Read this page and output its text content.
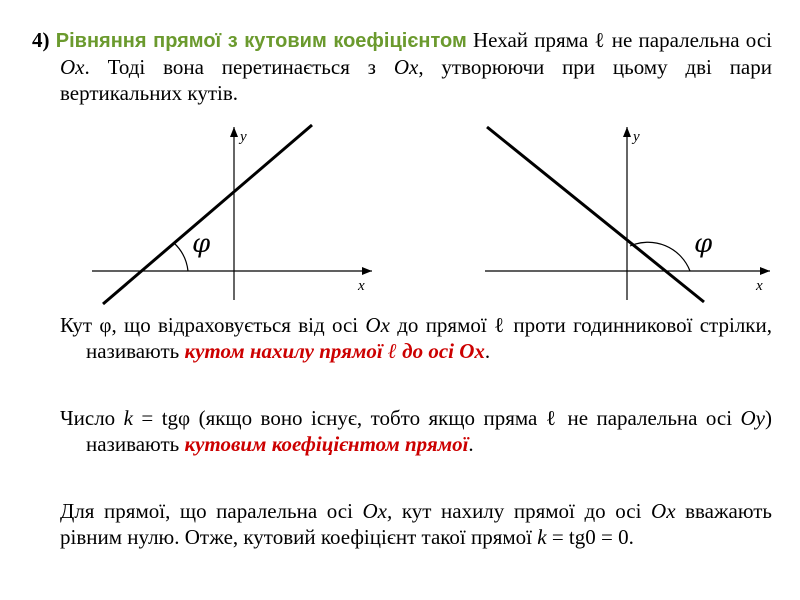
4) Рівняння прямої з кутовим коефіцієнтом Нехай пряма ℓ не паралельна осі Ox. Тоді вона перетинається з Ox, утворюючи при цьому дві пари вертикальних кутів.
x
y
φ
x
y
φ
Кут φ, що відраховується від осі Ox до прямої ℓ проти годинникової стрілки, називають кутом нахилу прямої ℓ до осі Ox.
Число k = tgφ (якщо воно існує, тобто якщо пряма ℓ не паралельна осі Oy) називають кутовим коефіцієнтом прямої.
Для прямої, що паралельна осі Ox, кут нахилу прямої до осі Ox вважають рівним нулю. Отже, кутовий коефіцієнт такої прямої k = tg0 = 0.
